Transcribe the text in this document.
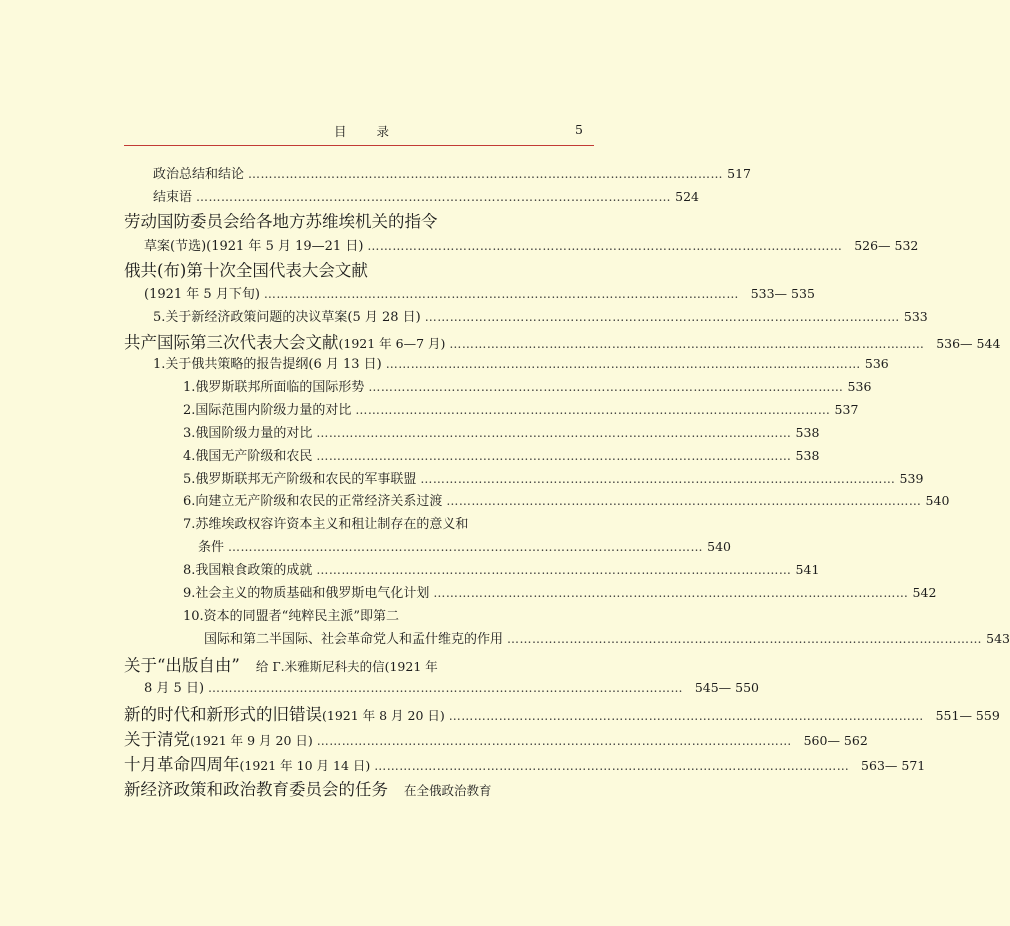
目 录	5
政治总结和结论 …………………………………………………………………………………………………… 517
结束语 …………………………………………………………………………………………………… 524
劳动国防委员会给各地方苏维埃机关的指令
草案(节选)(1921 年 5 月 19—21 日) …………………………………………………………………………………………………… 526— 532
俄共(布)第十次全国代表大会文献
(1921 年 5 月下旬) …………………………………………………………………………………………………… 533— 535
5.关于新经济政策问题的决议草案(5 月 28 日) …………………………………………………………………………………………………… 533
共产国际第三次代表大会文献 (1921 年 6—7 月) …………………………………………………………………………………………………… 536— 544
1.关于俄共策略的报告提纲(6 月 13 日) …………………………………………………………………………………………………… 536
1.俄罗斯联邦所面临的国际形势 …………………………………………………………………………………………………… 536
2.国际范围内阶级力量的对比 …………………………………………………………………………………………………… 537
3.俄国阶级力量的对比 …………………………………………………………………………………………………… 538
4.俄国无产阶级和农民 …………………………………………………………………………………………………… 538
5.俄罗斯联邦无产阶级和农民的军事联盟 …………………………………………………………………………………………………… 539
6.向建立无产阶级和农民的正常经济关系过渡 …………………………………………………………………………………………………… 540
7.苏维埃政权容许资本主义和租让制存在的意义和
条件 …………………………………………………………………………………………………… 540
8.我国粮食政策的成就 …………………………………………………………………………………………………… 541
9.社会主义的物质基础和俄罗斯电气化计划 …………………………………………………………………………………………………… 542
10.资本的同盟者“纯粹民主派”即第二
国际和第二半国际、社会革命党人和孟什维克的作用 …………………………………………………………………………………………………… 543
关于“出版自由” 给 Г.米雅斯尼科夫的信(1921 年
8 月 5 日) …………………………………………………………………………………………………… 545— 550
新的时代和新形式的旧错误 (1921 年 8 月 20 日) …………………………………………………………………………………………………… 551— 559
关于清党 (1921 年 9 月 20 日) …………………………………………………………………………………………………… 560— 562
十月革命四周年 (1921 年 10 月 14 日) …………………………………………………………………………………………………… 563— 571
新经济政策和政治教育委员会的任务 在全俄政治教育
